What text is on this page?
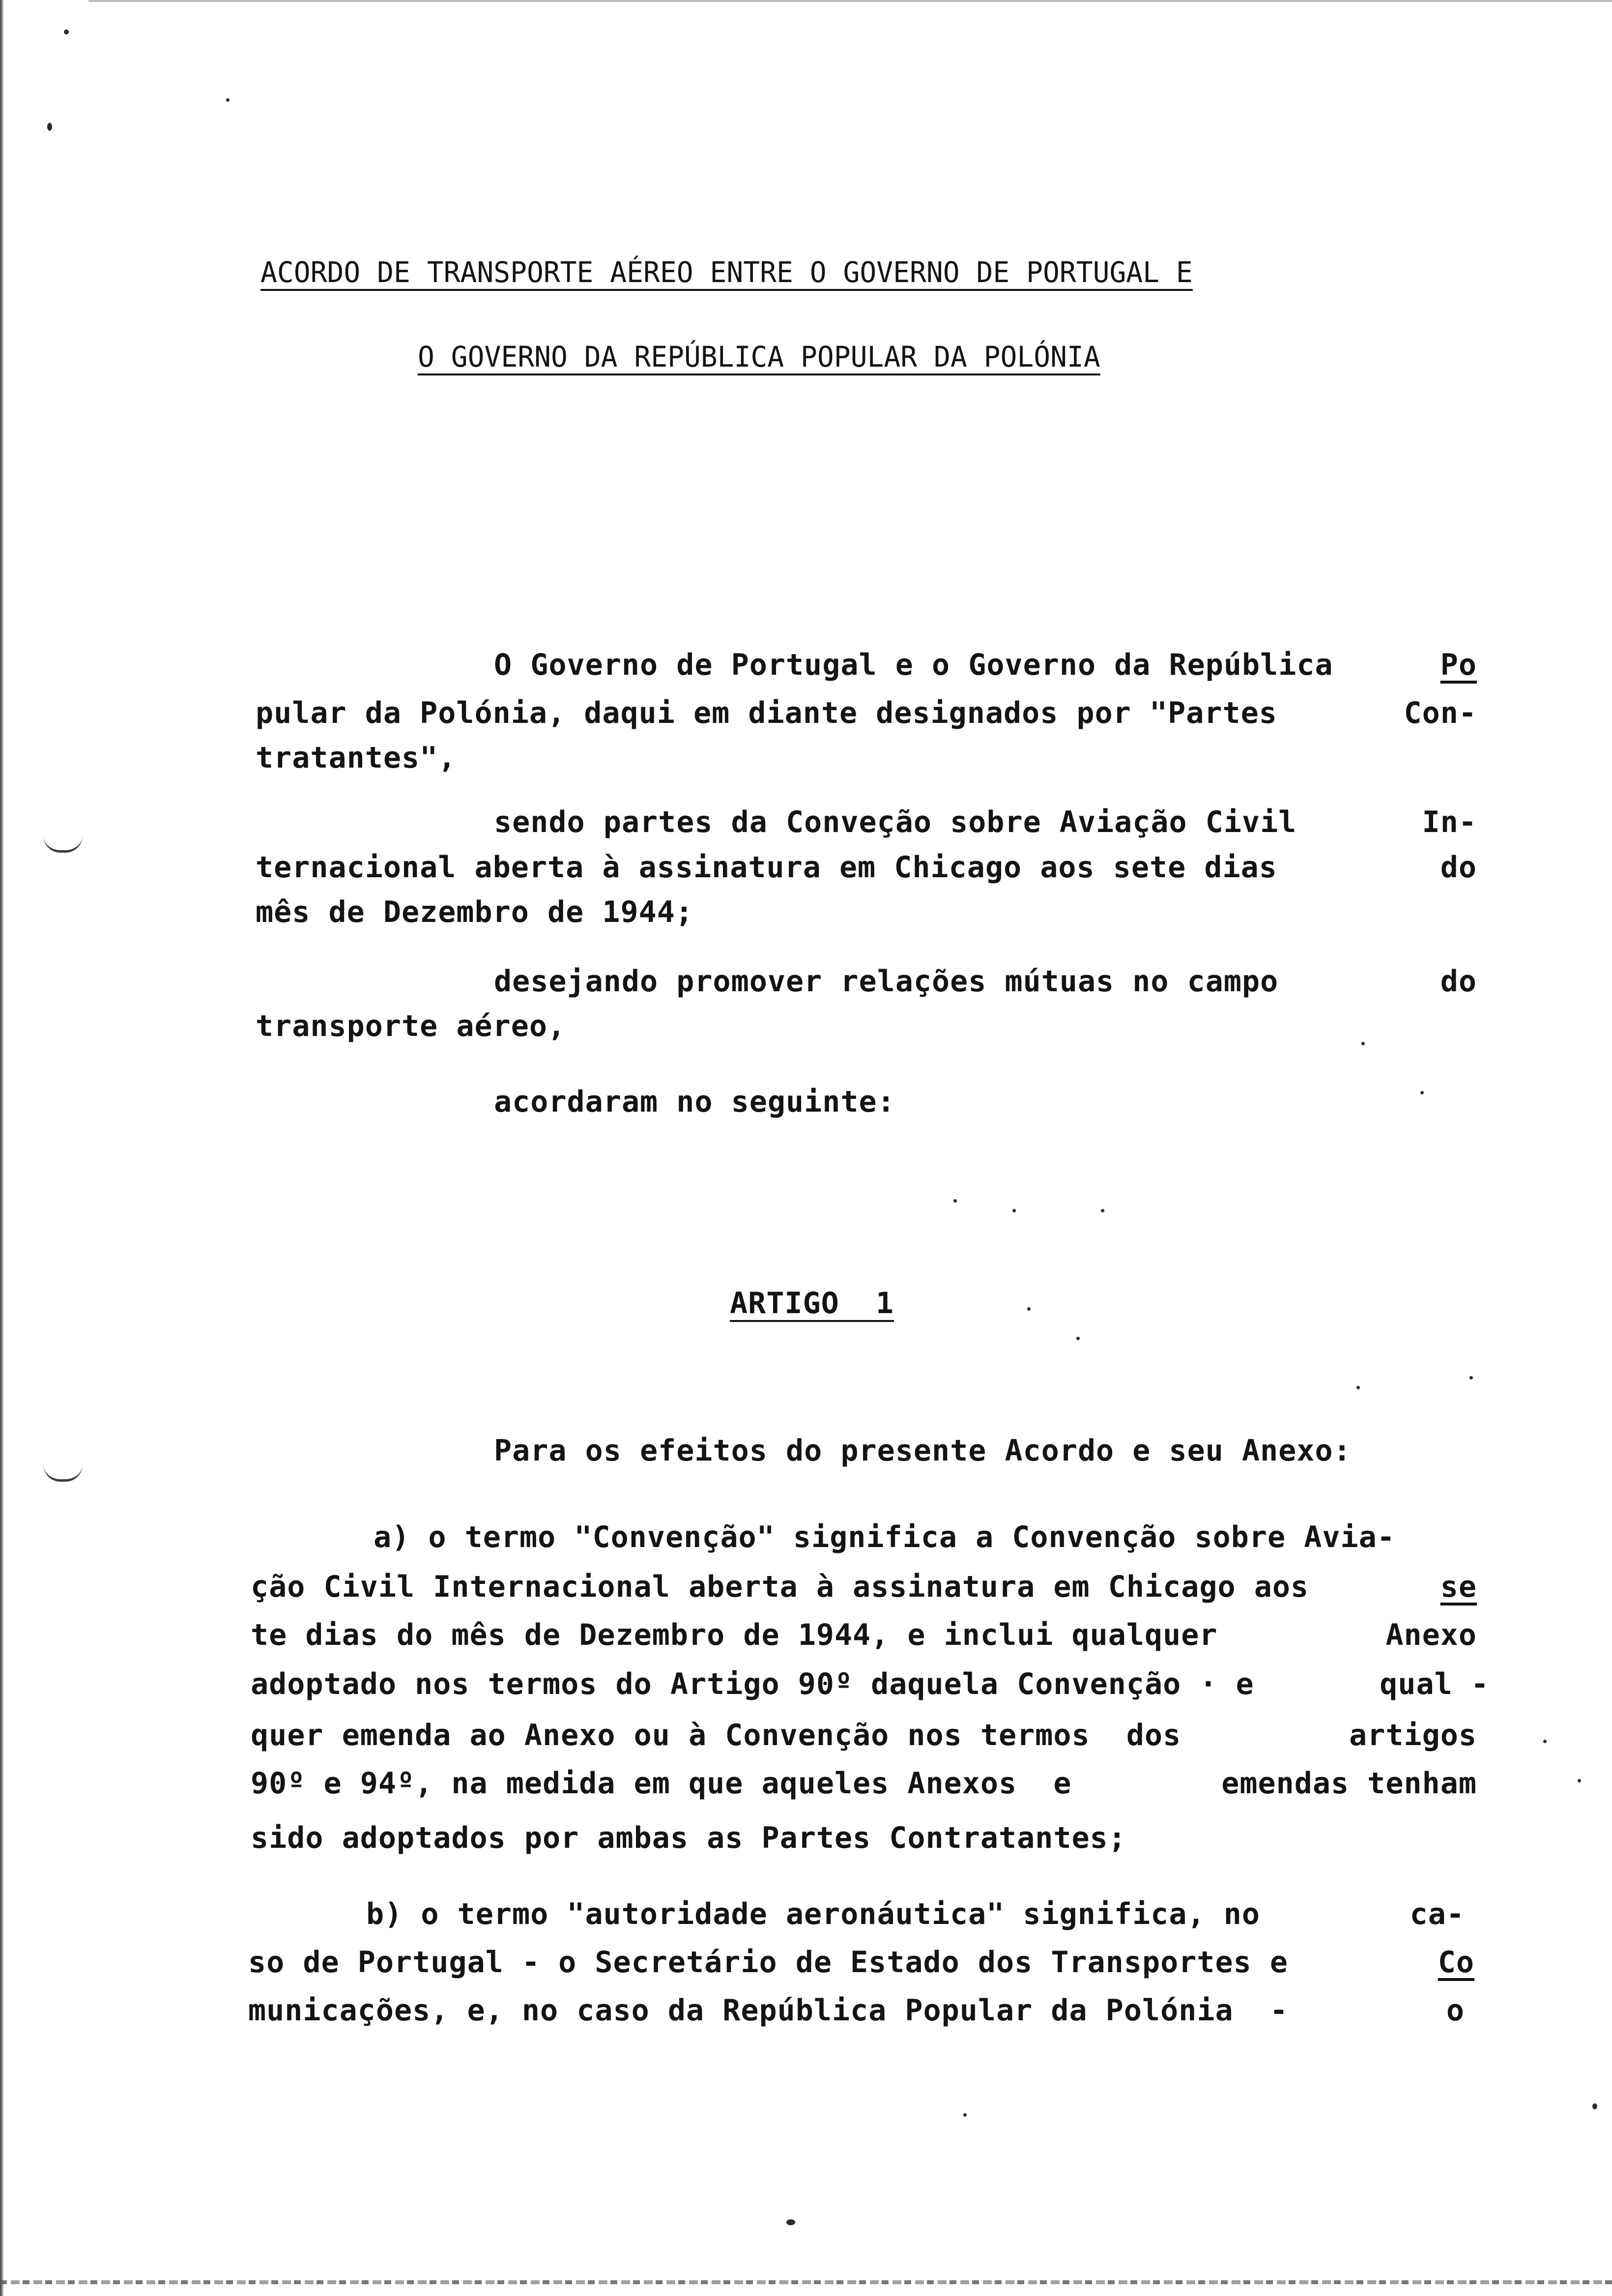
ACORDO DE TRANSPORTE AÉREO ENTRE O GOVERNO DE PORTUGAL E
O GOVERNO DA REPÚBLICA POPULAR DA POLÓNIA
O Governo de Portugal e o Governo da República	Po
pular da Polónia, daqui em diante designados por "Partes	Con-
tratantes",
sendo partes da Conveção sobre Aviação Civil	In-
ternacional aberta à assinatura em Chicago aos sete dias	do
mês de Dezembro de 1944;
desejando promover relações mútuas no campo	do
transporte aéreo,
acordaram no seguinte:
ARTIGO  1
Para os efeitos do presente Acordo e seu Anexo:
a) o termo "Convenção" significa a Convenção sobre Avia-
ção Civil Internacional aberta à assinatura em Chicago aos	se
te dias do mês de Dezembro de 1944, e inclui qualquer	Anexo
adoptado nos termos do Artigo 90º daquela Convenção · e	qual -
quer emenda ao Anexo ou à Convenção nos termos  dos	artigos
90º e 94º, na medida em que aqueles Anexos  e	emendas tenham
sido adoptados por ambas as Partes Contratantes;
b) o termo "autoridade aeronáutica" significa, no	ca-
so de Portugal - o Secretário de Estado dos Transportes e	Co
municações, e, no caso da República Popular da Polónia  -	o
